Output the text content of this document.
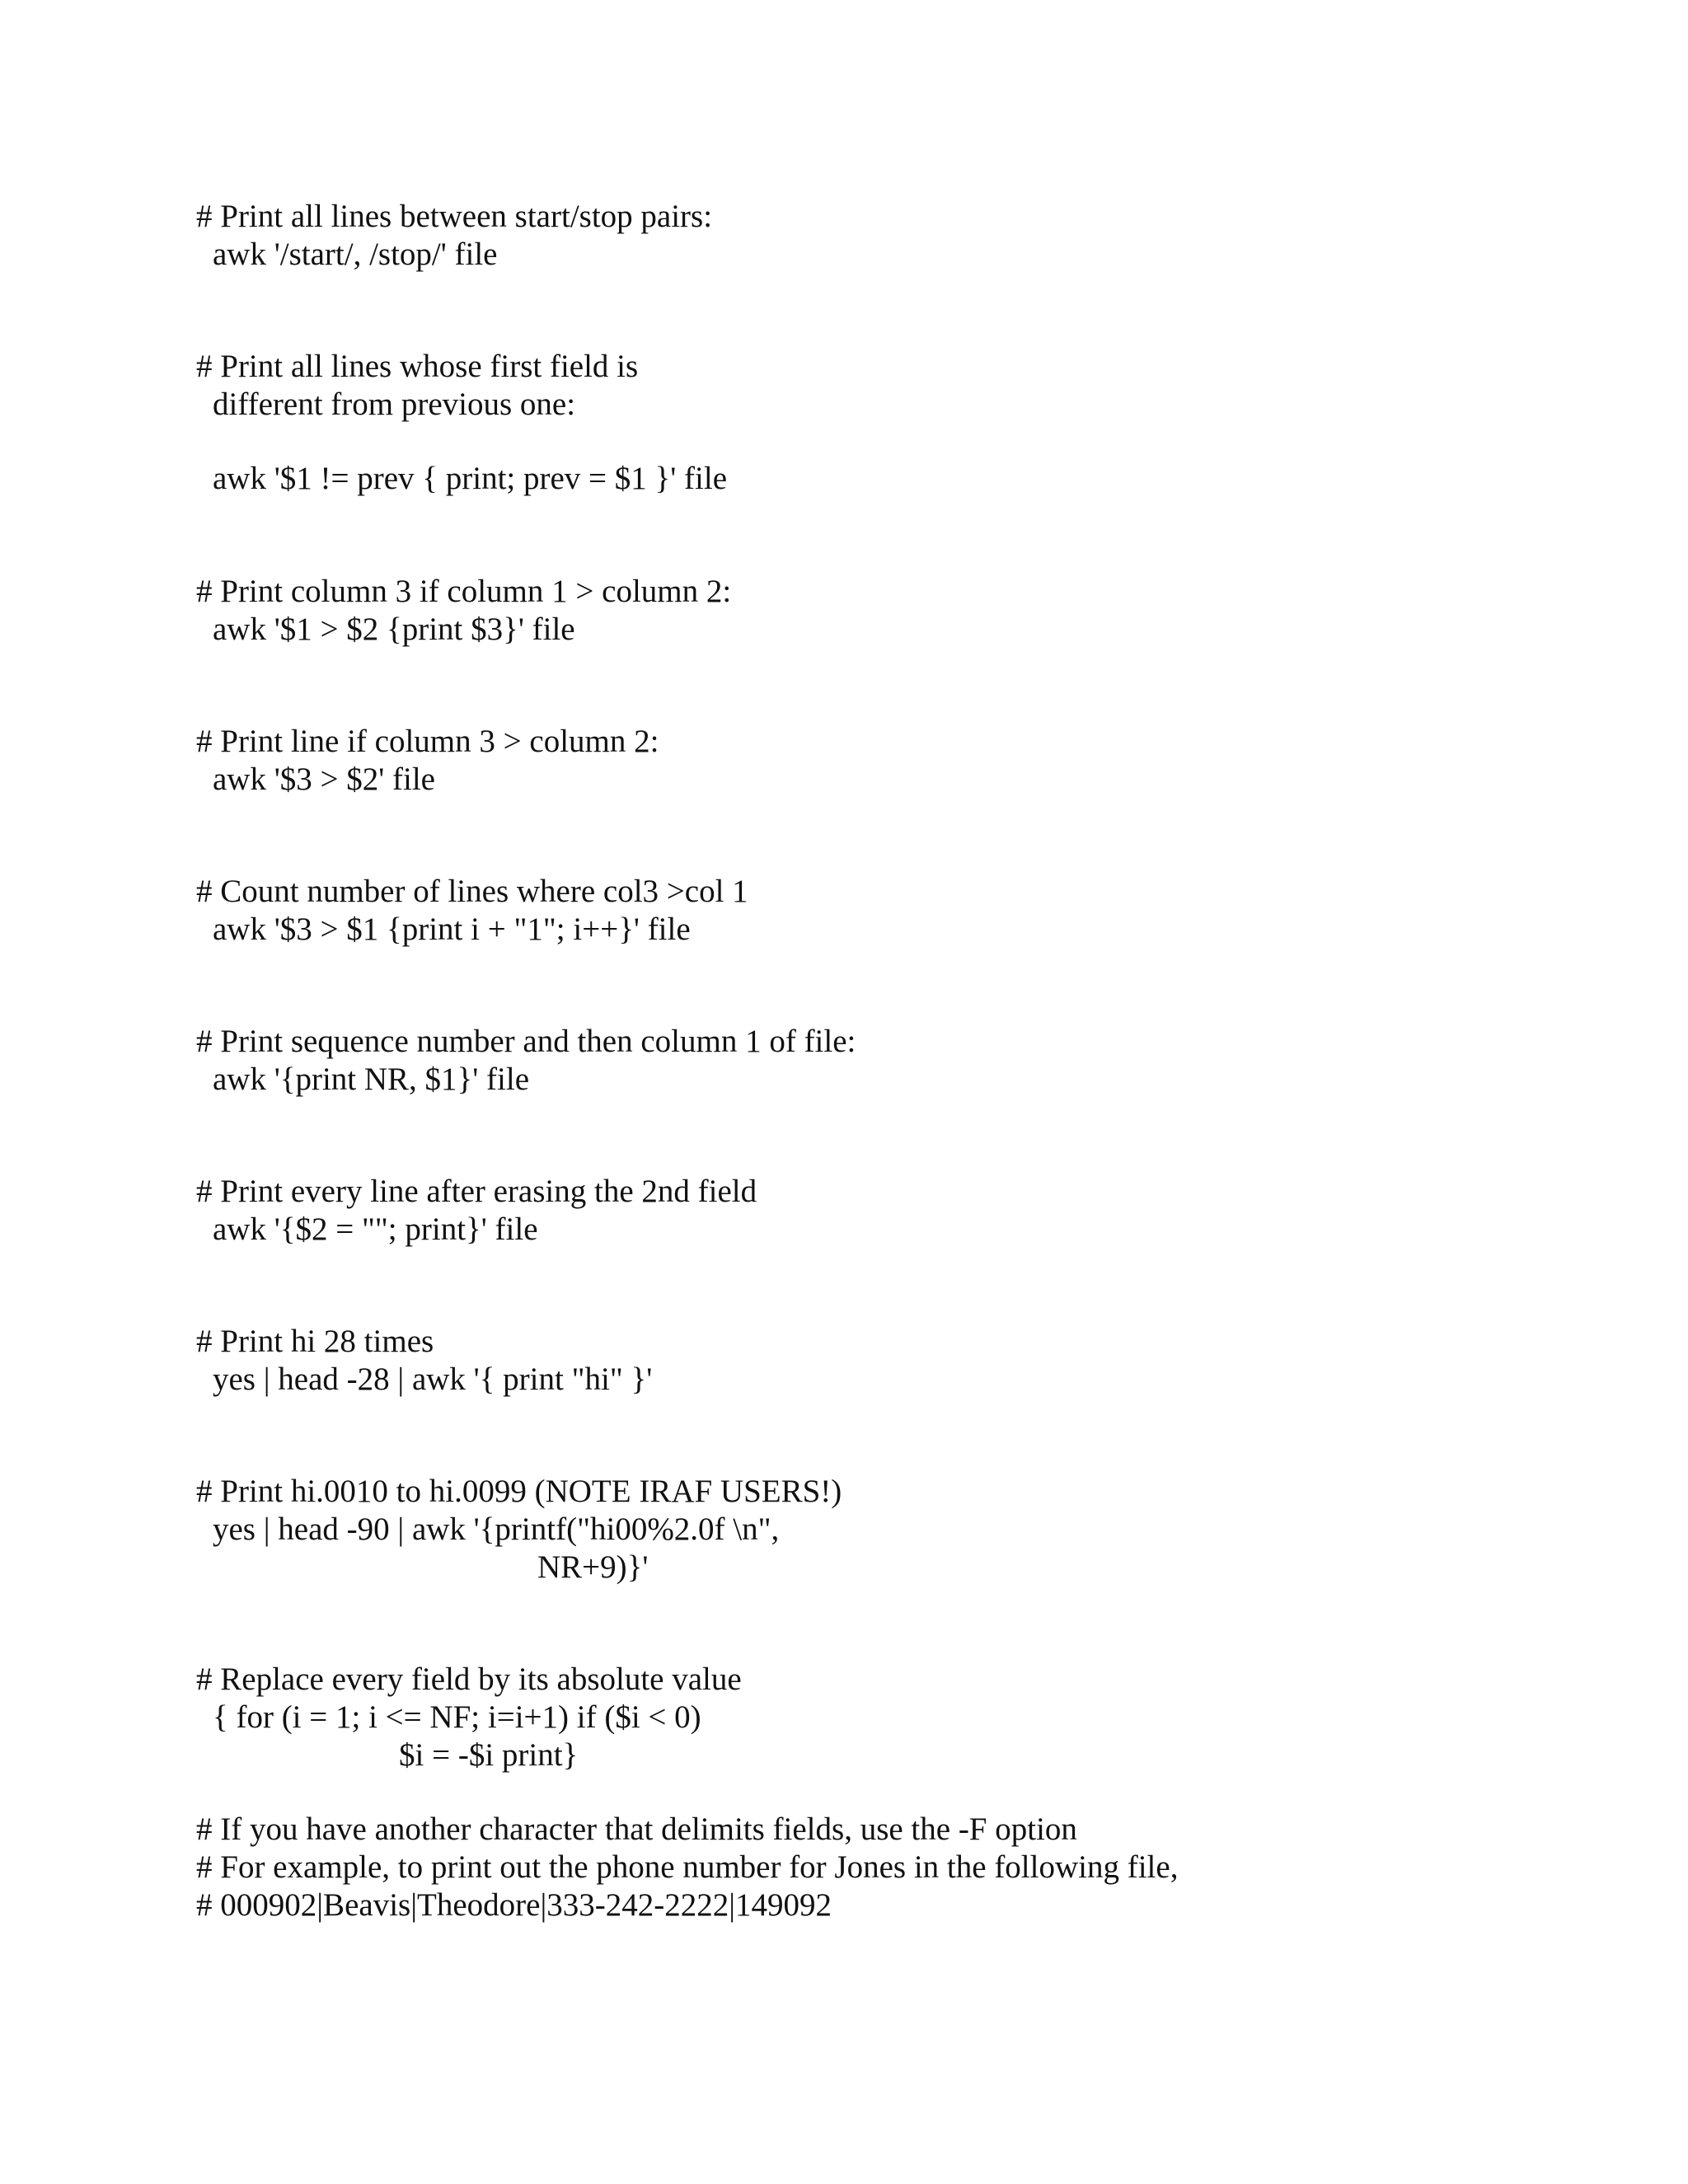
# Print all lines between start/stop pairs:

awk '/start/, /stop/' file

# Print all lines whose first field is

different from previous one:

awk '$1 != prev { print; prev = $1 }' file

# Print column 3 if column 1 > column 2:

awk '$1 > $2 {print $3}' file

# Print line if column 3 > column 2:

awk '$3 > $2' file

# Count number of lines where col3 >col 1

awk '$3 > $1 {print i + "1"; i++}' file

# Print sequence number and then column 1 of file:

awk '{print NR, $1}' file

# Print every line after erasing the 2nd field

awk '{$2 = ""; print}' file

# Print hi 28 times

yes | head -28 | awk '{ print "hi" }'

# Print hi.0010 to hi.0099 (NOTE IRAF USERS!)

yes | head -90 | awk '{printf("hi00%2.0f \n",

NR+9)}'

# Replace every field by its absolute value

{ for (i = 1; i <= NF; i=i+1) if ($i < 0)

$i = -$i print}

# If you have another character that delimits fields, use the -F option

# For example, to print out the phone number for Jones in the following file,

# 000902|Beavis|Theodore|333-242-2222|149092
